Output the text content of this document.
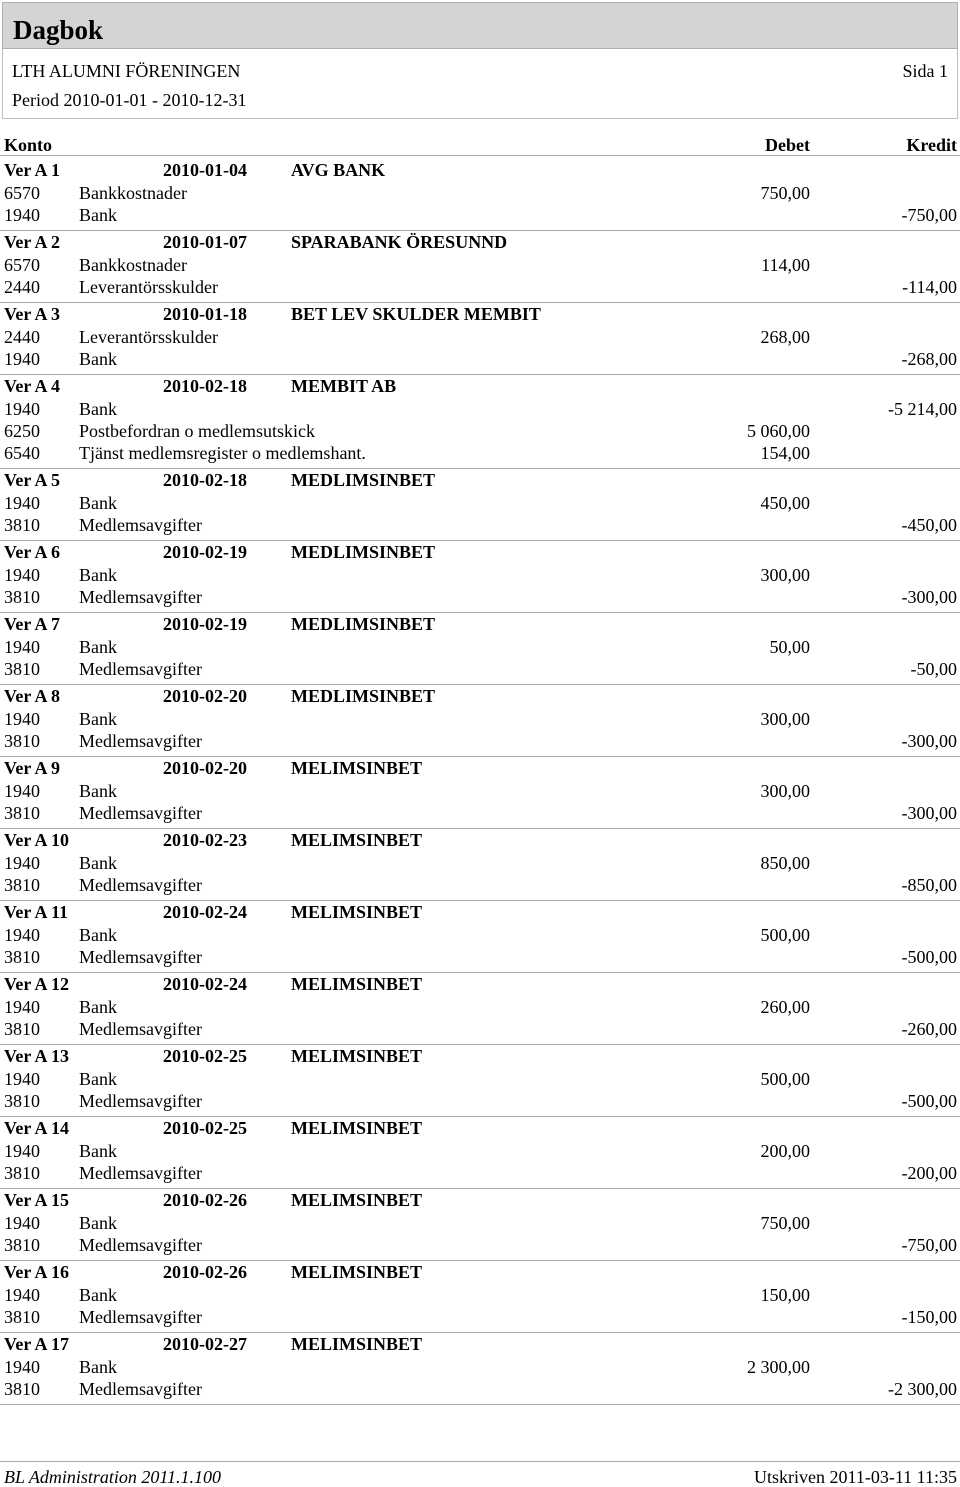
Dagbok
LTH ALUMNI FÖRENINGEN
Period 2010-01-01 - 2010-12-31
Sida 1
Konto	Debet	Kredit
Ver A 1	2010-01-04 AVG BANK
6570 Bankkostnader	750,00
1940 Bank	-750,00
Ver A 2	2010-01-07 SPARABANK ÖRESUNND
6570 Bankkostnader	114,00
2440 Leverantörsskulder	-114,00
Ver A 3	2010-01-18 BET LEV SKULDER MEMBIT
2440 Leverantörsskulder	268,00
1940 Bank	-268,00
Ver A 4	2010-02-18 MEMBIT AB
1940 Bank	-5 214,00
6250 Postbefordran o medlemsutskick	5 060,00
6540 Tjänst medlemsregister o medlemshant.	154,00
Ver A 5	2010-02-18 MEDLIMSINBET
1940 Bank	450,00
3810 Medlemsavgifter	-450,00
Ver A 6	2010-02-19 MEDLIMSINBET
1940 Bank	300,00
3810 Medlemsavgifter	-300,00
Ver A 7	2010-02-19 MEDLIMSINBET
1940 Bank	50,00
3810 Medlemsavgifter	-50,00
Ver A 8	2010-02-20 MEDLIMSINBET
1940 Bank	300,00
3810 Medlemsavgifter	-300,00
Ver A 9	2010-02-20 MELIMSINBET
1940 Bank	300,00
3810 Medlemsavgifter	-300,00
Ver A 10	2010-02-23 MELIMSINBET
1940 Bank	850,00
3810 Medlemsavgifter	-850,00
Ver A 11	2010-02-24 MELIMSINBET
1940 Bank	500,00
3810 Medlemsavgifter	-500,00
Ver A 12	2010-02-24 MELIMSINBET
1940 Bank	260,00
3810 Medlemsavgifter	-260,00
Ver A 13	2010-02-25 MELIMSINBET
1940 Bank	500,00
3810 Medlemsavgifter	-500,00
Ver A 14	2010-02-25 MELIMSINBET
1940 Bank	200,00
3810 Medlemsavgifter	-200,00
Ver A 15	2010-02-26 MELIMSINBET
1940 Bank	750,00
3810 Medlemsavgifter	-750,00
Ver A 16	2010-02-26 MELIMSINBET
1940 Bank	150,00
3810 Medlemsavgifter	-150,00
Ver A 17	2010-02-27 MELIMSINBET
1940 Bank	2 300,00
3810 Medlemsavgifter	-2 300,00
BL Administration 2011.1.100	Utskriven 2011-03-11 11:35
